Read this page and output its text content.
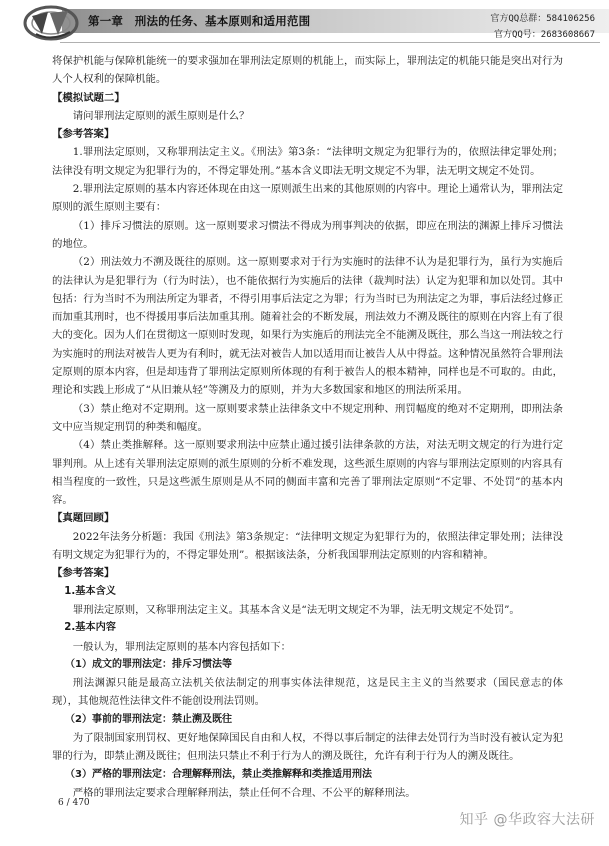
第一章　刑法的任务、基本原则和适用范围	官方QQ总群：584106256
官方QQ号：2683608667

将保护机能与保障机能统一的要求强加在罪刑法定原则的机能上，而实际上，罪刑法定的机能只能是突出对行为人个人权利的保障机能。

【模拟试题二】

请问罪刑法定原则的派生原则是什么？

【参考答案】

1.罪刑法定原则，又称罪刑法定主义。《刑法》第3条：“法律明文规定为犯罪行为的，依照法律定罪处刑；法律没有明文规定为犯罪行为的，不得定罪处刑。”基本含义即法无明文规定不为罪，法无明文规定不处罚。

2.罪刑法定原则的基本内容还体现在由这一原则派生出来的其他原则的内容中。理论上通常认为，罪刑法定原则的派生原则主要有：

（1）排斥习惯法的原则。这一原则要求习惯法不得成为刑事判决的依据，即应在刑法的渊源上排斥习惯法的地位。

（2）刑法效力不溯及既往的原则。这一原则要求对于行为实施时的法律不认为是犯罪行为，虽行为实施后的法律认为是犯罪行为（行为时法），也不能依据行为实施后的法律（裁判时法）认定为犯罪和加以处罚。其中包括：行为当时不为刑法所定为罪者，不得引用事后法定之为罪；行为当时已为刑法定之为罪，事后法经过修正而加重其刑时，也不得援用事后法加重其刑。随着社会的不断发展，刑法效力不溯及既往的原则在内容上有了很大的变化。因为人们在贯彻这一原则时发现，如果行为实施后的刑法完全不能溯及既往，那么当这一刑法较之行为实施时的刑法对被告人更为有利时，就无法对被告人加以适用而让被告人从中得益。这种情况虽然符合罪刑法定原则的原本内容，但是却违背了罪刑法定原则所体现的有利于被告人的根本精神，同样也是不可取的。由此，理论和实践上形成了“从旧兼从轻”等溯及力的原则，并为大多数国家和地区的刑法所采用。

（3）禁止绝对不定期刑。这一原则要求禁止法律条文中不规定刑种、刑罚幅度的绝对不定期刑，即刑法条文中应当规定刑罚的种类和幅度。

（4）禁止类推解释。这一原则要求刑法中应禁止通过援引法律条款的方法，对法无明文规定的行为进行定罪判刑。从上述有关罪刑法定原则的派生原则的分析不难发现，这些派生原则的内容与罪刑法定原则的内容具有相当程度的一致性，只是这些派生原则是从不同的侧面丰富和完善了罪刑法定原则“不定罪、不处罚”的基本内容。

【真题回顾】

2022年法务分析题：我国《刑法》第3条规定：“法律明文规定为犯罪行为的，依照法律定罪处刑；法律没有明文规定为犯罪行为的，不得定罪处刑”。根据该法条，分析我国罪刑法定原则的内容和精神。

【参考答案】
1.基本含义

罪刑法定原则，又称罪刑法定主义。其基本含义是“法无明文规定不为罪，法无明文规定不处罚”。

2.基本内容

一般认为，罪刑法定原则的基本内容包括如下：

（1）成文的罪刑法定：排斥习惯法等

刑法渊源只能是最高立法机关依法制定的刑事实体法律规范，这是民主主义的当然要求（国民意志的体现），其他规范性法律文件不能创设刑法罚则。

（2）事前的罪刑法定：禁止溯及既往

为了限制国家刑罚权、更好地保障国民自由和人权，不得以事后制定的法律去处罚行为当时没有被认定为犯罪的行为，即禁止溯及既往；但刑法只禁止不利于行为人的溯及既往，允许有利于行为人的溯及既往。

（3）严格的罪刑法定：合理解释刑法，禁止类推解释和类推适用刑法

严格的罪刑法定要求合理解释刑法，禁止任何不合理、不公平的解释刑法。

6 / 470
知乎 @华政容大法研
